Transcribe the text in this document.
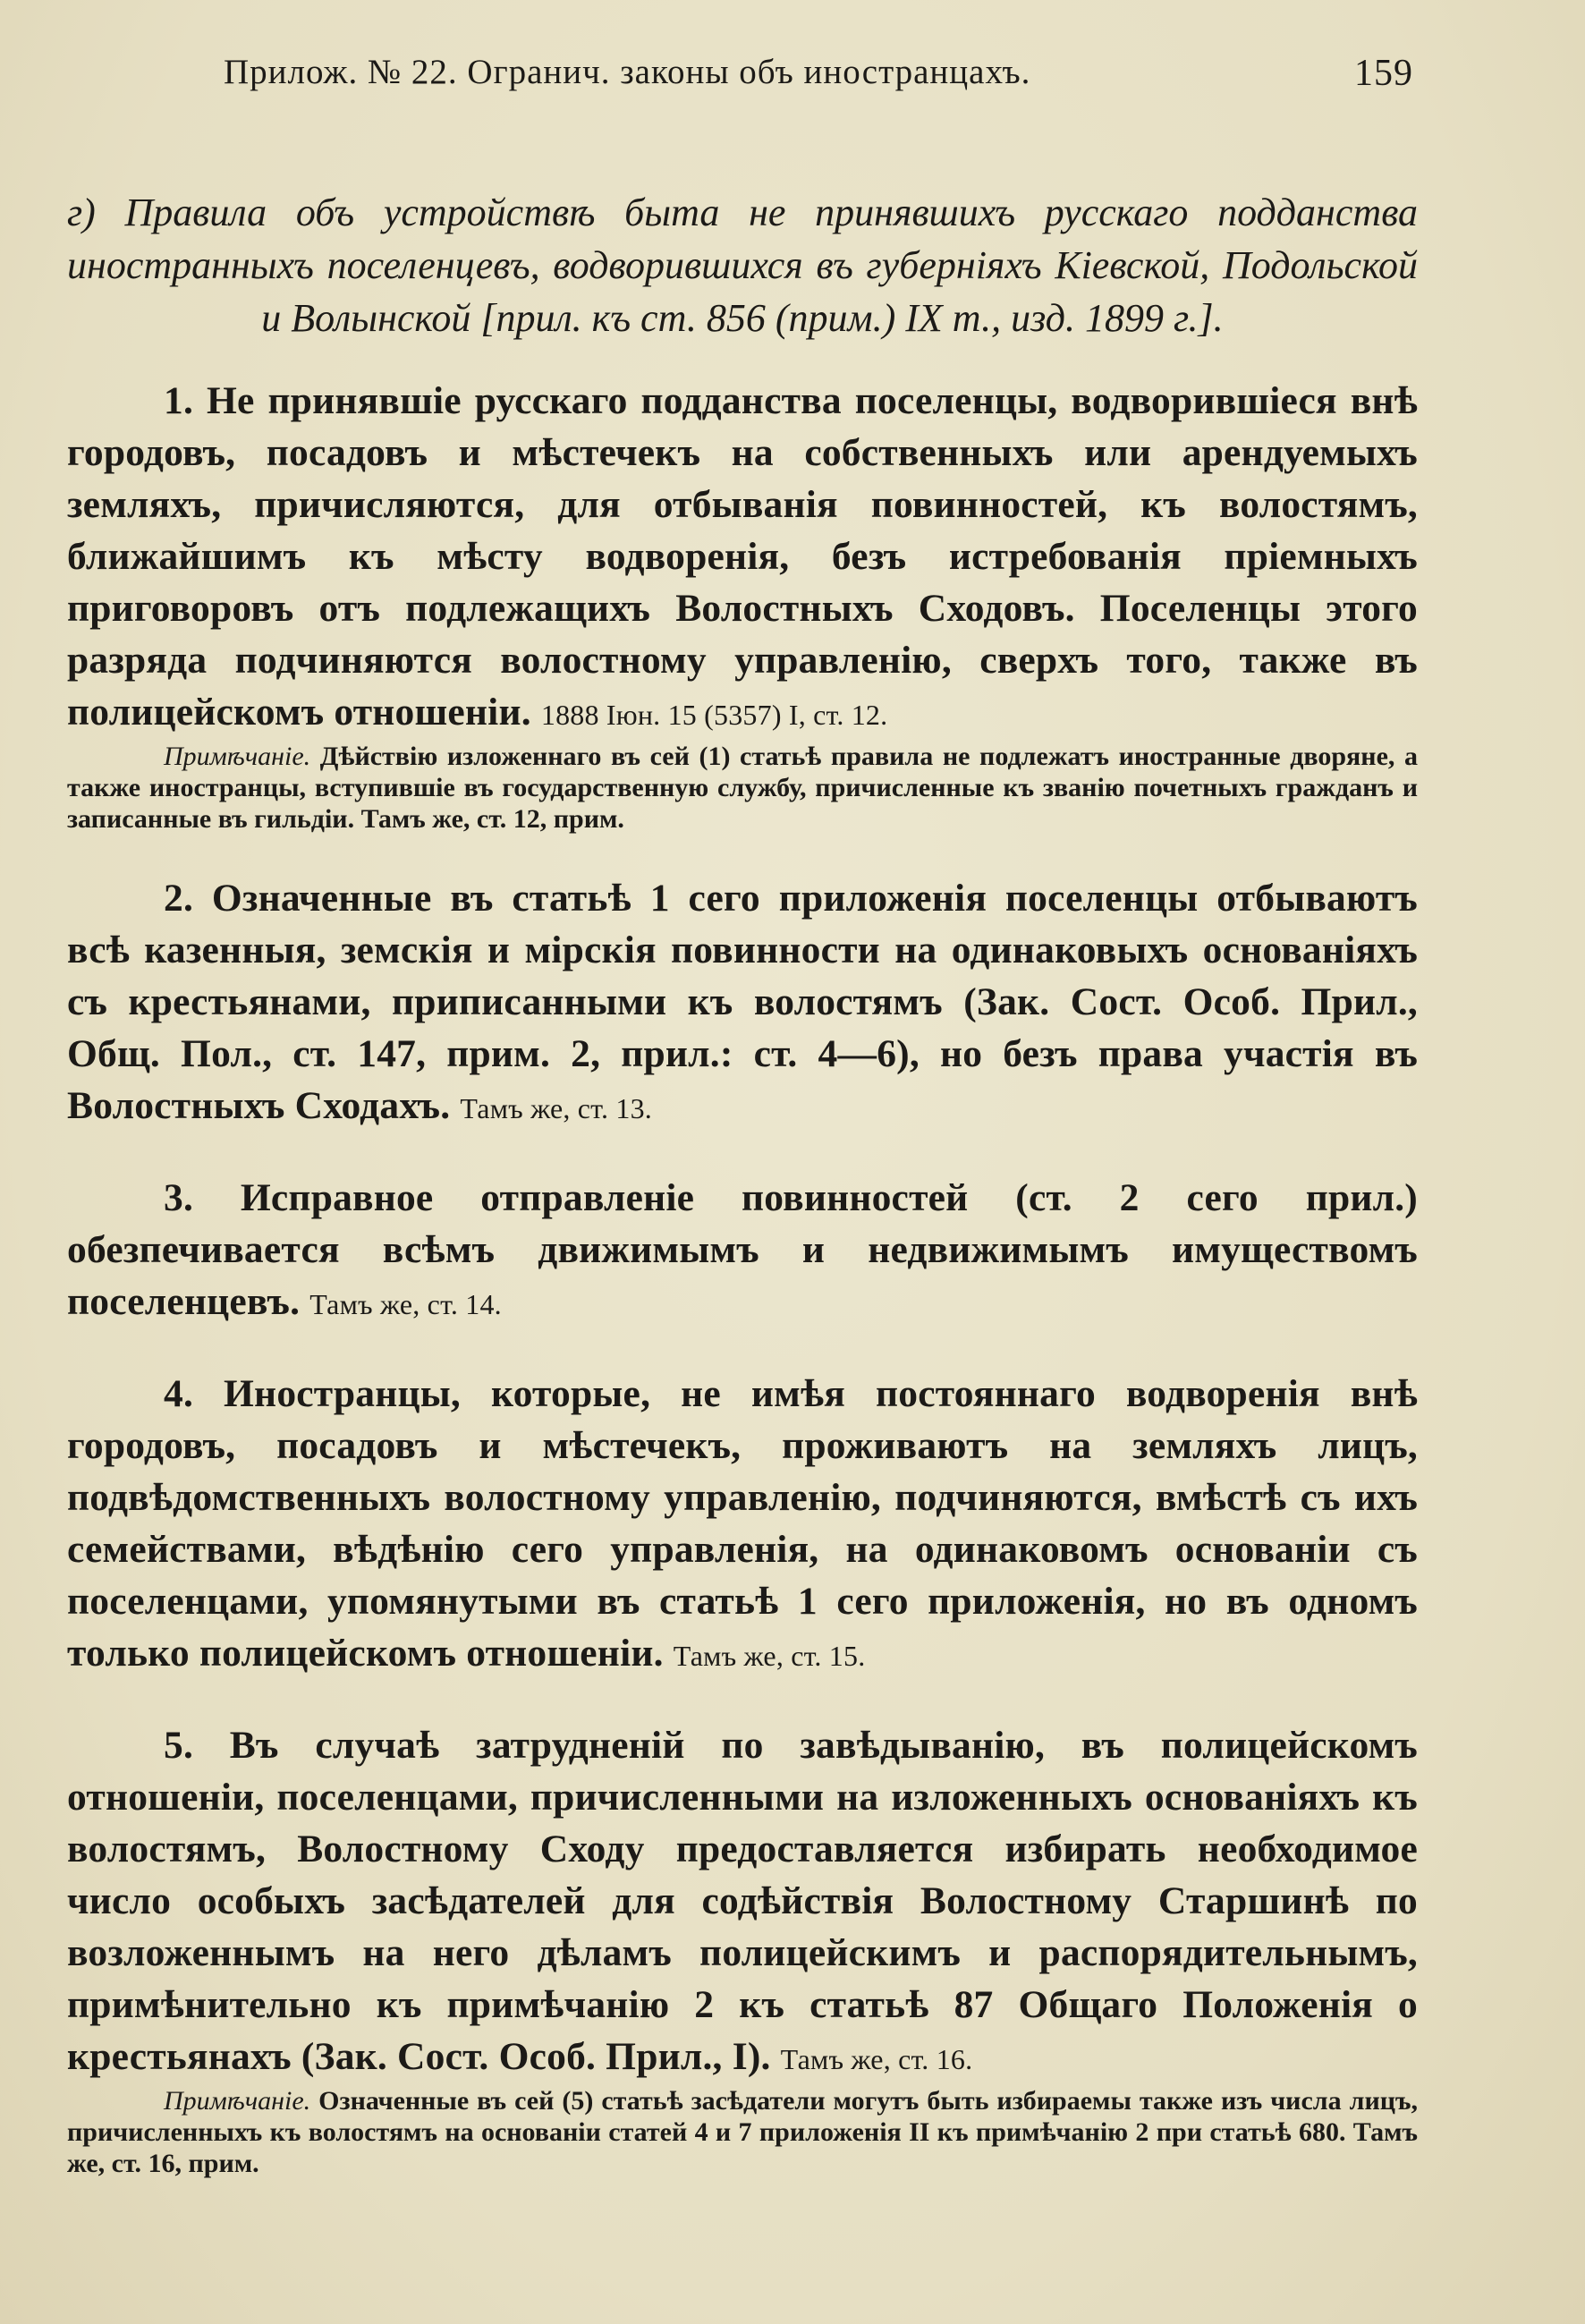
Прилож. № 22. Огранич. законы объ иностранцахъ.	159

г) Правила объ устройствѣ быта не принявшихъ русскаго подданства иностранныхъ поселенцевъ, водворившихся въ губерніяхъ Кіевской, Подольской и Волынской [прил. къ ст. 856 (прим.) IX т., изд. 1899 г.].

1. Не принявшіе русскаго подданства поселенцы, водворившіеся внѣ городовъ, посадовъ и мѣстечекъ на собственныхъ или арендуемыхъ земляхъ, причисляются, для отбыванія повинностей, къ волостямъ, ближайшимъ къ мѣсту водворенія, безъ истребованія пріемныхъ приговоровъ отъ подлежащихъ Волостныхъ Сходовъ. Поселенцы этого разряда подчиняются волостному управленію, сверхъ того, также въ полицейскомъ отношеніи. 1888 Іюн. 15 (5357) I, ст. 12.

Примѣчаніе. Дѣйствію изложеннаго въ сей (1) статьѣ правила не подлежатъ иностранные дворяне, а также иностранцы, вступившіе въ государственную службу, причисленные къ званію почетныхъ гражданъ и записанные въ гильдіи. Тамъ же, ст. 12, прим.

2. Означенные въ статьѣ 1 сего приложенія поселенцы отбываютъ всѣ казенныя, земскія и мірскія повинности на одинаковыхъ основаніяхъ съ крестьянами, приписанными къ волостямъ (Зак. Сост. Особ. Прил., Общ. Пол., ст. 147, прим. 2, прил.: ст. 4—6), но безъ права участія въ Волостныхъ Сходахъ. Тамъ же, ст. 13.

3. Исправное отправленіе повинностей (ст. 2 сего прил.) обезпечивается всѣмъ движимымъ и недвижимымъ имуществомъ поселенцевъ. Тамъ же, ст. 14.

4. Иностранцы, которые, не имѣя постояннаго водворенія внѣ городовъ, посадовъ и мѣстечекъ, проживаютъ на земляхъ лицъ, подвѣдомственныхъ волостному управленію, подчиняются, вмѣстѣ съ ихъ семействами, вѣдѣнію сего управленія, на одинаковомъ основаніи съ поселенцами, упомянутыми въ статьѣ 1 сего приложенія, но въ одномъ только полицейскомъ отношеніи. Тамъ же, ст. 15.

5. Въ случаѣ затрудненій по завѣдыванію, въ полицейскомъ отношеніи, поселенцами, причисленными на изложенныхъ основаніяхъ къ волостямъ, Волостному Сходу предоставляется избирать необходимое число особыхъ засѣдателей для содѣйствія Волостному Старшинѣ по возложеннымъ на него дѣламъ полицейскимъ и распорядительнымъ, примѣнительно къ примѣчанію 2 къ статьѣ 87 Общаго Положенія о крестьянахъ (Зак. Сост. Особ. Прил., I). Тамъ же, ст. 16.

Примѣчаніе. Означенные въ сей (5) статьѣ засѣдатели могутъ быть избираемы также изъ числа лицъ, причисленныхъ къ волостямъ на основаніи статей 4 и 7 приложенія II къ примѣчанію 2 при статьѣ 680. Тамъ же, ст. 16, прим.
